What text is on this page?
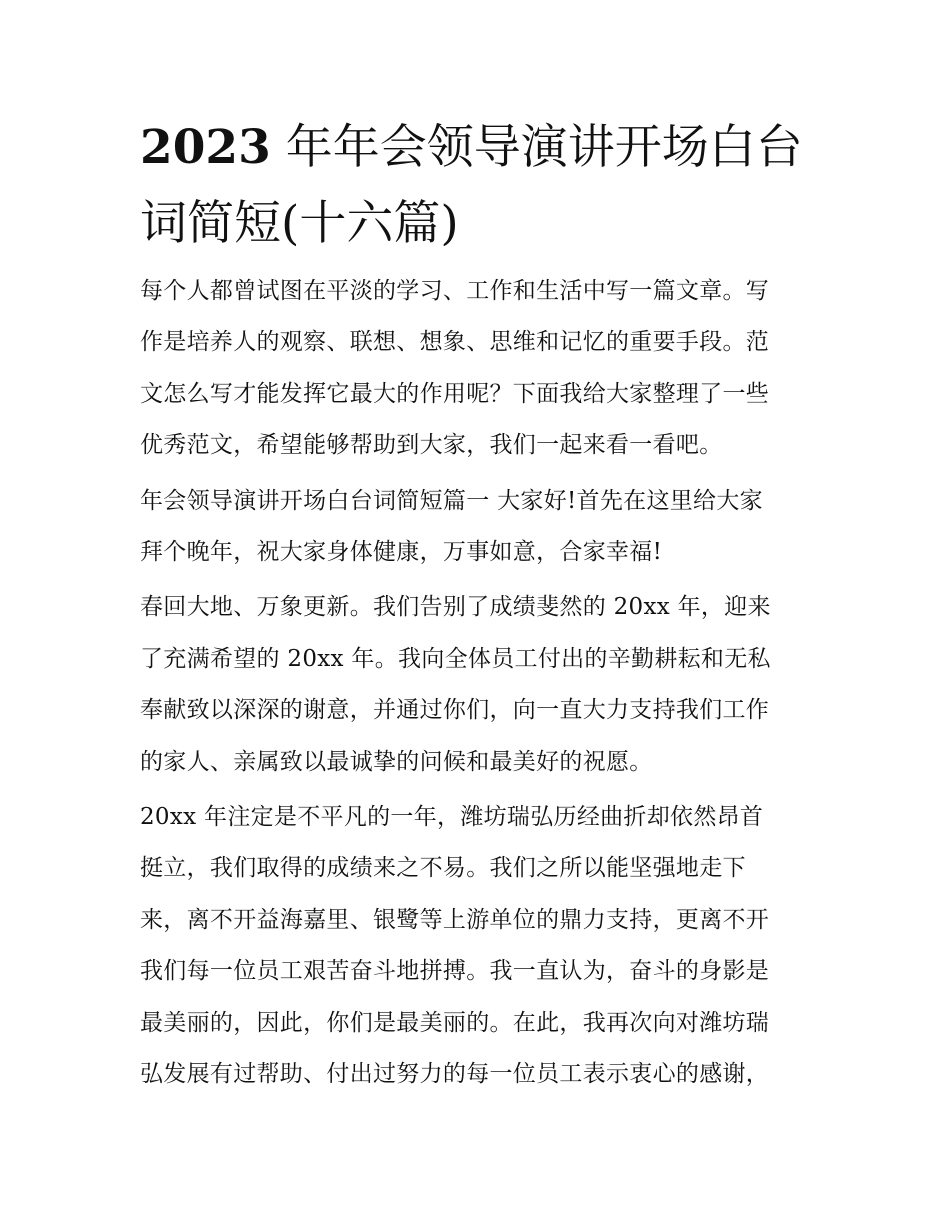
2023 年年会领导演讲开场白台
词简短(十六篇)

每个人都曾试图在平淡的学习、工作和生活中写一篇文章。写
作是培养人的观察、联想、想象、思维和记忆的重要手段。范
文怎么写才能发挥它最大的作用呢？下面我给大家整理了一些
优秀范文，希望能够帮助到大家，我们一起来看一看吧。

年会领导演讲开场白台词简短篇一 大家好!首先在这里给大家
拜个晚年，祝大家身体健康，万事如意，合家幸福!

春回大地、万象更新。我们告别了成绩斐然的 20xx 年，迎来
了充满希望的 20xx 年。我向全体员工付出的辛勤耕耘和无私
奉献致以深深的谢意，并通过你们，向一直大力支持我们工作
的家人、亲属致以最诚挚的问候和最美好的祝愿。

20xx 年注定是不平凡的一年，潍坊瑞弘历经曲折却依然昂首
挺立，我们取得的成绩来之不易。我们之所以能坚强地走下
来，离不开益海嘉里、银鹭等上游单位的鼎力支持，更离不开
我们每一位员工艰苦奋斗地拼搏。我一直认为，奋斗的身影是
最美丽的，因此，你们是最美丽的。在此，我再次向对潍坊瑞
弘发展有过帮助、付出过努力的每一位员工表示衷心的感谢，
